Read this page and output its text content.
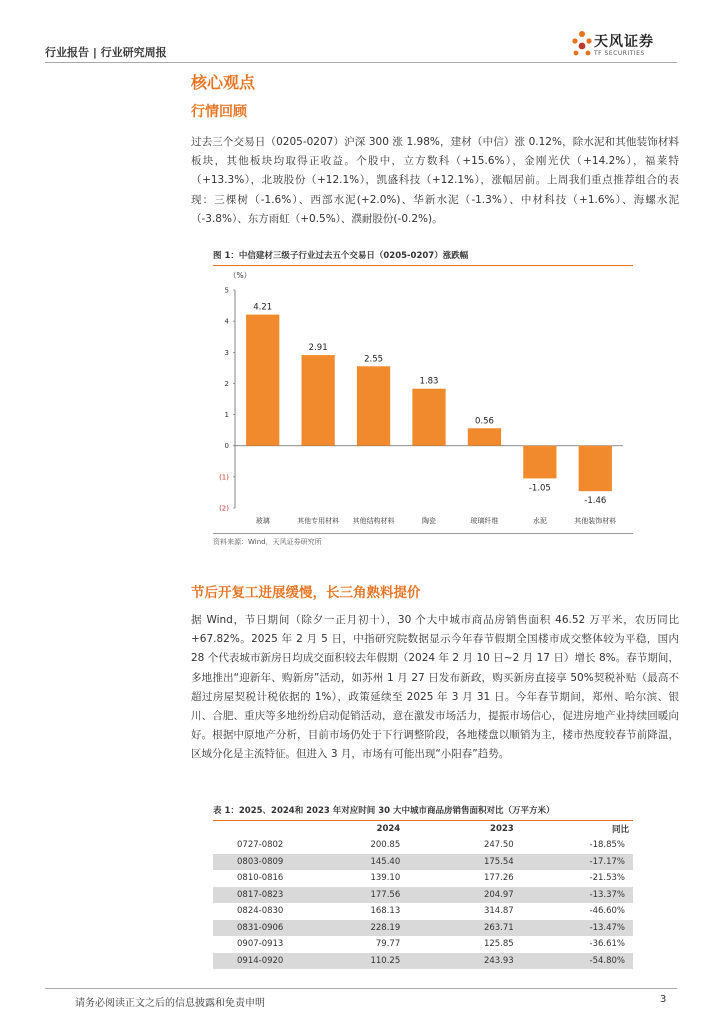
行业报告 | 行业研究周报
天风证券
TF SECURITIES
核心观点
行情回顾

过去三个交易日（0205-0207）沪深 300 涨 1.98%，建材（中信）涨 0.12%，除水泥和其他装饰材料板块，其他板块均取得正收益。个股中，立方数科（+15.6%），金刚光伏（+14.2%），福莱特（+13.3%），北玻股份（+12.1%），凯盛科技（+12.1%），涨幅居前。上周我们重点推荐组合的表现：三棵树（-1.6%）、西部水泥(+2.0%)、华新水泥（-1.3%）、中材科技（+1.6%）、海螺水泥（-3.8%）、东方雨虹（+0.5%）、濮耐股份(-0.2%)。

图 1：中信建材三级子行业过去五个交易日（0205-0207）涨跌幅
（%）
5
4
3
2
1
0
(1)
(2)
4.21
玻璃
2.91
其他专用材料
2.55
其他结构材料
1.83
陶瓷
0.56
玻璃纤维
-1.05
水泥
-1.46
其他装饰材料
资料来源：Wind，天风证券研究所
节后开复工进展缓慢，长三角熟料提价

据 Wind，节日期间（除夕一正月初十），30 个大中城市商品房销售面积 46.52 万平米，农历同比+67.82%。2025 年 2 月 5 日，中指研究院数据显示今年春节假期全国楼市成交整体较为平稳，国内 28 个代表城市新房日均成交面积较去年假期（2024 年 2 月 10 日~2 月 17 日）增长 8%。春节期间，多地推出“迎新年、购新房”活动，如苏州 1 月 27 日发布新政，购买新房直接享 50%契税补贴（最高不超过房屋契税计税依据的 1%），政策延续至 2025 年 3 月 31 日。今年春节期间，郑州、哈尔滨、银川、合肥、重庆等多地纷纷启动促销活动，意在激发市场活力，提振市场信心，促进房地产业持续回暖向好。根据中原地产分析，目前市场仍处于下行调整阶段，各地楼盘以顺销为主，楼市热度较春节前降温，区域分化是主流特征。但进入 3 月，市场有可能出现“小阳春”趋势。

表 1：2025、2024和 2023 年对应时间 30 大中城市商品房销售面积对比（万平方米）
	2024	2023	同比
0727-0802	200.85	247.50	-18.85%
0803-0809	145.40	175.54	-17.17%
0810-0816	139.10	177.26	-21.53%
0817-0823	177.56	204.97	-13.37%
0824-0830	168.13	314.87	-46.60%
0831-0906	228.19	263.71	-13.47%
0907-0913	79.77	125.85	-36.61%
0914-0920	110.25	243.93	-54.80%
请务必阅读正文之后的信息披露和免责申明	3
